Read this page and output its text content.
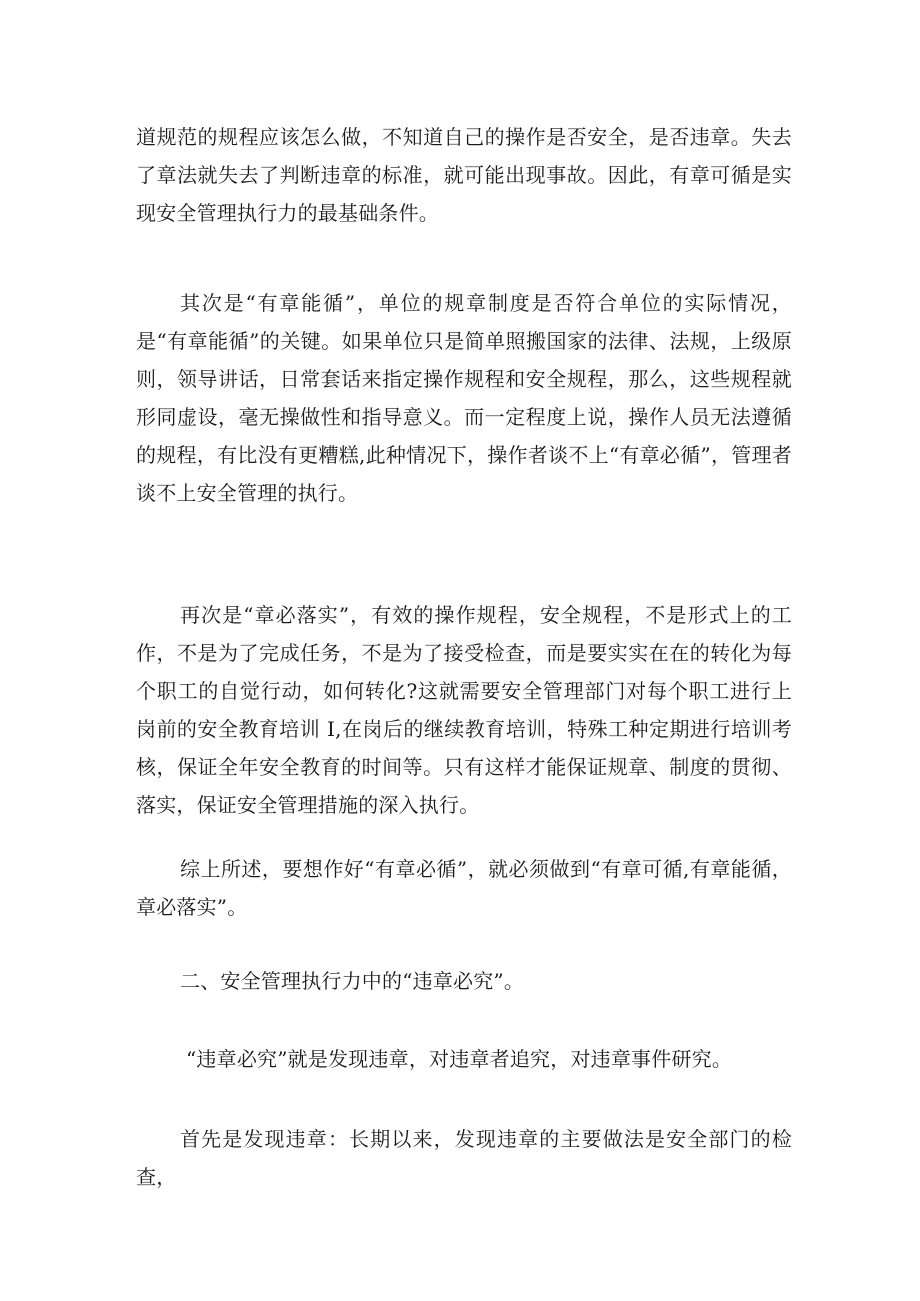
道规范的规程应该怎么做，不知道自己的操作是否安全，是否违章。失去了章法就失去了判断违章的标准，就可能出现事故。因此，有章可循是实现安全管理执行力的最基础条件。

其次是“有章能循”，单位的规章制度是否符合单位的实际情况，是“有章能循”的关键。如果单位只是简单照搬国家的法律、法规，上级原则，领导讲话，日常套话来指定操作规程和安全规程，那么，这些规程就形同虚设，毫无操做性和指导意义。而一定程度上说，操作人员无法遵循的规程，有比没有更糟糕,此种情况下，操作者谈不上“有章必循”，管理者谈不上安全管理的执行。

再次是“章必落实”，有效的操作规程，安全规程，不是形式上的工作，不是为了完成任务，不是为了接受检查，而是要实实在在的转化为每个职工的自觉行动，如何转化?这就需要安全管理部门对每个职工进行上岗前的安全教育培训 I,在岗后的继续教育培训，特殊工种定期进行培训考核，保证全年安全教育的时间等。只有这样才能保证规章、制度的贯彻、落实，保证安全管理措施的深入执行。

综上所述，要想作好“有章必循”，就必须做到“有章可循,有章能循，章必落实”。

二、安全管理执行力中的“违章必究”。

“违章必究”就是发现违章，对违章者追究，对违章事件研究。

首先是发现违章：长期以来，发现违章的主要做法是安全部门的检查，
